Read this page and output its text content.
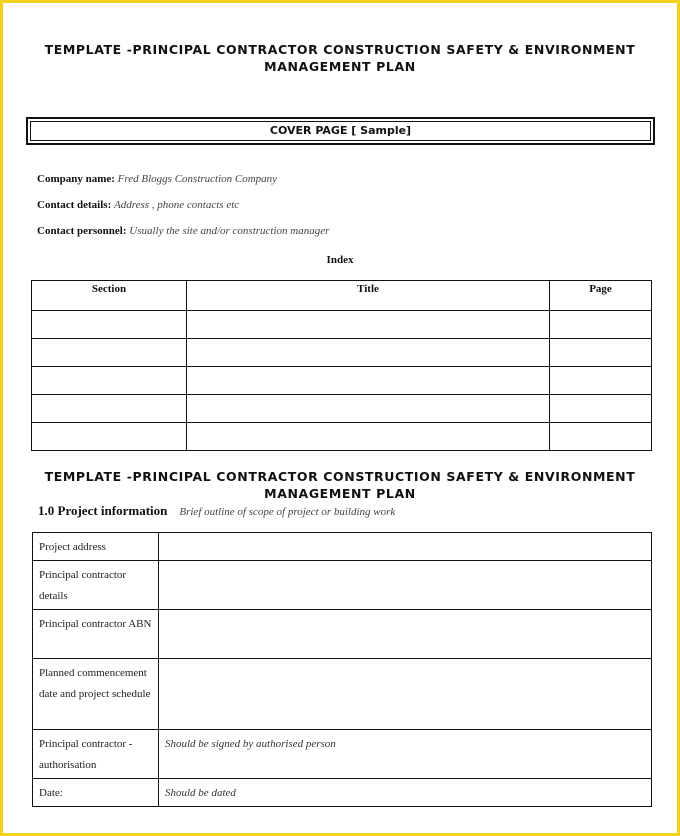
TEMPLATE -PRINCIPAL CONTRACTOR CONSTRUCTION SAFETY & ENVIRONMENT
MANAGEMENT PLAN
COVER PAGE [ Sample]
Company name: Fred Bloggs Construction Company
Contact details: Address , phone contacts etc
Contact personnel: Usually the site and/or construction manager
Index
Section	Title	Page

TEMPLATE -PRINCIPAL CONTRACTOR CONSTRUCTION SAFETY & ENVIRONMENT
MANAGEMENT PLAN
1.0 Project information Brief outline of scope of project or building work
Project address	
Principal contractor details	
Principal contractor ABN	
Planned commencement date and project schedule	
Principal contractor - authorisation	Should be signed by authorised person
Date:	Should be dated
